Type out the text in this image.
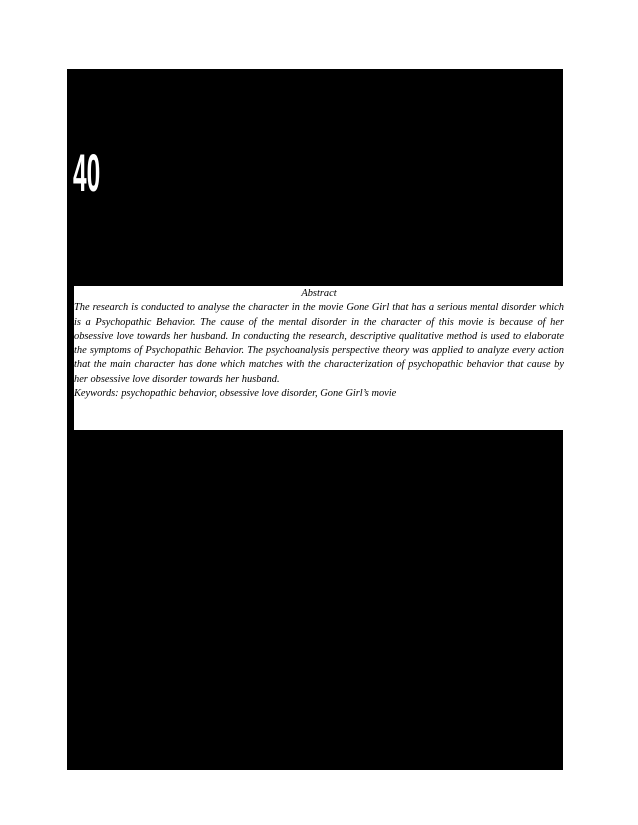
40

Abstract

The research is conducted to analyse the character in the movie Gone Girl that has a serious mental disorder which is a Psychopathic Behavior. The cause of the mental disorder in the character of this movie is because of her obsessive love towards her husband. In conducting the research, descriptive qualitative method is used to elaborate the symptoms of Psychopathic Behavior. The psychoanalysis perspective theory was applied to analyze every action that the main character has done which matches with the characterization of psychopathic behavior that cause by her obsessive love disorder towards her husband.

Keywords: psychopathic behavior, obsessive love disorder, Gone Girl’s movie
